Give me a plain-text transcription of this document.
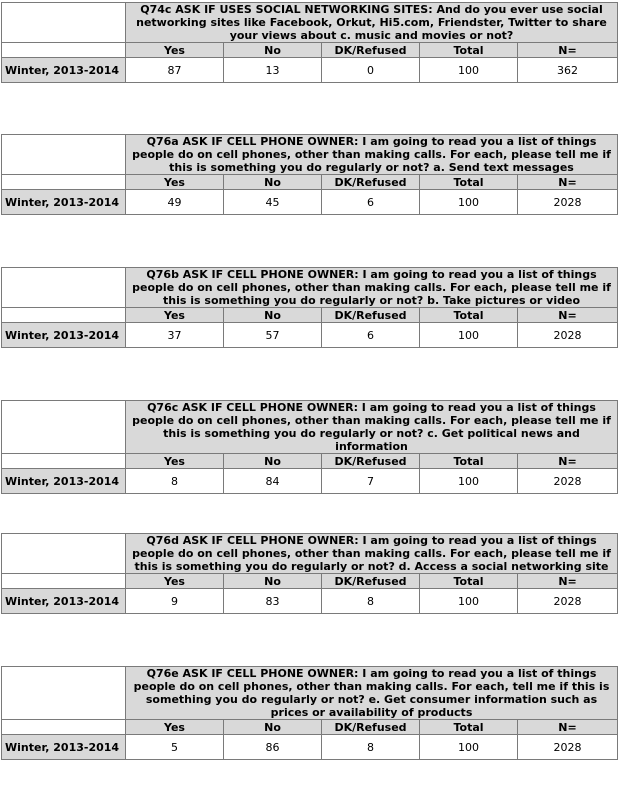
	Q74c ASK IF USES SOCIAL NETWORKING SITES: And do you ever use social networking sites like Facebook, Orkut, Hi5.com, Friendster, Twitter to share your views about c. music and movies or not?				
	Yes	No	DK/Refused	Total	N=
Winter, 2013-2014	87	13	0	100	362
	Q76a ASK IF CELL PHONE OWNER: I am going to read you a list of things people do on cell phones, other than making calls. For each, please tell me if this is something you do regularly or not? a. Send text messages				
	Yes	No	DK/Refused	Total	N=
Winter, 2013-2014	49	45	6	100	2028
	Q76b ASK IF CELL PHONE OWNER: I am going to read you a list of things people do on cell phones, other than making calls. For each, please tell me if this is something you do regularly or not? b. Take pictures or video				
	Yes	No	DK/Refused	Total	N=
Winter, 2013-2014	37	57	6	100	2028
	Q76c ASK IF CELL PHONE OWNER: I am going to read you a list of things people do on cell phones, other than making calls. For each, please tell me if this is something you do regularly or not? c. Get political news and information				
	Yes	No	DK/Refused	Total	N=
Winter, 2013-2014	8	84	7	100	2028
	Q76d ASK IF CELL PHONE OWNER: I am going to read you a list of things people do on cell phones, other than making calls. For each, please tell me if this is something you do regularly or not? d. Access a social networking site				
	Yes	No	DK/Refused	Total	N=
Winter, 2013-2014	9	83	8	100	2028
	Q76e ASK IF CELL PHONE OWNER: I am going to read you a list of things people do on cell phones, other than making calls. For each, tell me if this is something you do regularly or not? e. Get consumer information such as prices or availability of products				
	Yes	No	DK/Refused	Total	N=
Winter, 2013-2014	5	86	8	100	2028
